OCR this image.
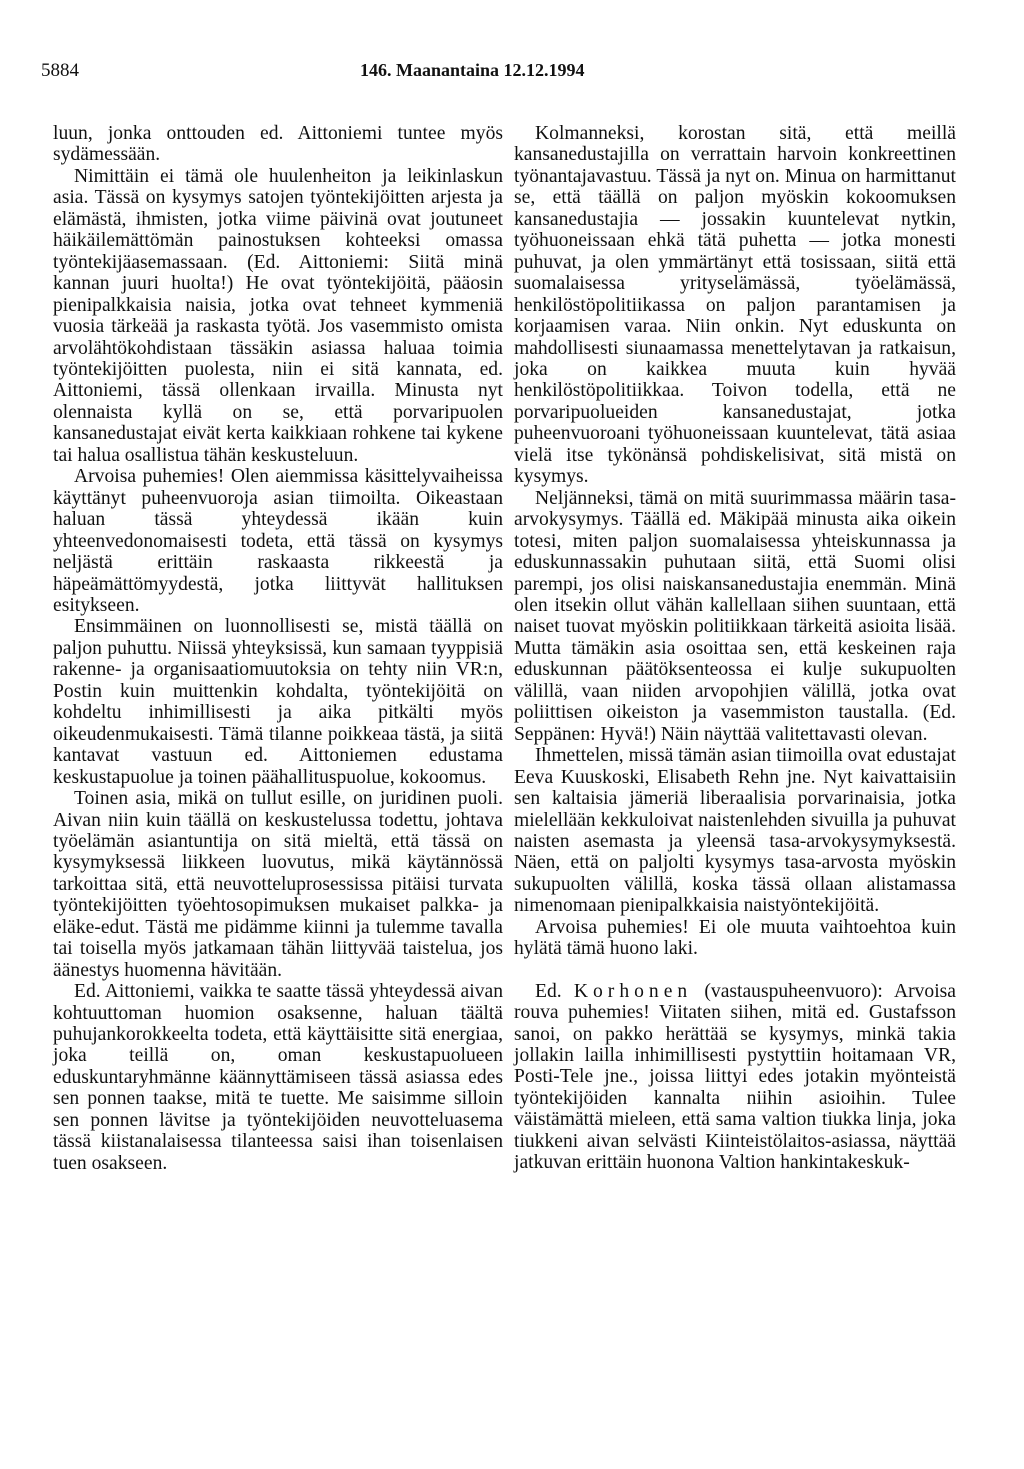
5884	146. Maanantaina 12.12.1994

luun, jonka onttouden ed. Aittoniemi tuntee myös sydämessään.

Nimittäin ei tämä ole huulenheiton ja leikinlaskun asia. Tässä on kysymys satojen työntekijöitten arjesta ja elämästä, ihmisten, jotka viime päivinä ovat joutuneet häikäilemättömän painostuksen kohteeksi omassa työntekijäasemassaan. (Ed. Aittoniemi: Siitä minä kannan juuri huolta!) He ovat työntekijöitä, pääosin pienipalkkaisia naisia, jotka ovat tehneet kymmeniä vuosia tärkeää ja raskasta työtä. Jos vasemmisto omista arvolähtökohdistaan tässäkin asiassa haluaa toimia työntekijöitten puolesta, niin ei sitä kannata, ed. Aittoniemi, tässä ollenkaan irvailla. Minusta nyt olennaista kyllä on se, että porvaripuolen kansanedustajat eivät kerta kaikkiaan rohkene tai kykene tai halua osallistua tähän keskusteluun.

Arvoisa puhemies! Olen aiemmissa käsittelyvaiheissa käyttänyt puheenvuoroja asian tiimoilta. Oikeastaan haluan tässä yhteydessä ikään kuin yhteenvedonomaisesti todeta, että tässä on kysymys neljästä erittäin raskaasta rikkeestä ja häpeämättömyydestä, jotka liittyvät hallituksen esitykseen.

Ensimmäinen on luonnollisesti se, mistä täällä on paljon puhuttu. Niissä yhteyksissä, kun samaan tyyppisiä rakenne- ja organisaatiomuutoksia on tehty niin VR:n, Postin kuin muittenkin kohdalta, työntekijöitä on kohdeltu inhimillisesti ja aika pitkälti myös oikeudenmukaisesti. Tämä tilanne poikkeaa tästä, ja siitä kantavat vastuun ed. Aittoniemen edustama keskustapuolue ja toinen päähallituspuolue, kokoomus.

Toinen asia, mikä on tullut esille, on juridinen puoli. Aivan niin kuin täällä on keskustelussa todettu, johtava työelämän asiantuntija on sitä mieltä, että tässä on kysymyksessä liikkeen luovutus, mikä käytännössä tarkoittaa sitä, että neuvotteluprosessissa pitäisi turvata työntekijöitten työehtosopimuksen mukaiset palkka- ja eläke-edut. Tästä me pidämme kiinni ja tulemme tavalla tai toisella myös jatkamaan tähän liittyvää taistelua, jos äänestys huomenna hävitään.

Ed. Aittoniemi, vaikka te saatte tässä yhteydessä aivan kohtuuttoman huomion osaksenne, haluan täältä puhujankorokkeelta todeta, että käyttäisitte sitä energiaa, joka teillä on, oman keskustapuolueen eduskuntaryhmänne käännyttämiseen tässä asiassa edes sen ponnen taakse, mitä te tuette. Me saisimme silloin sen ponnen lävitse ja työntekijöiden neuvotteluasema tässä kiistanalaisessa tilanteessa saisi ihan toisenlaisen tuen osakseen.

Kolmanneksi, korostan sitä, että meillä kansanedustajilla on verrattain harvoin konkreettinen työnantajavastuu. Tässä ja nyt on. Minua on harmittanut se, että täällä on paljon myöskin kokoomuksen kansanedustajia — jossakin kuuntelevat nytkin, työhuoneissaan ehkä tätä puhetta — jotka monesti puhuvat, ja olen ymmärtänyt että tosissaan, siitä että suomalaisessa yrityselämässä, työelämässä, henkilöstöpolitiikassa on paljon parantamisen ja korjaamisen varaa. Niin onkin. Nyt eduskunta on mahdollisesti siunaamassa menettelytavan ja ratkaisun, joka on kaikkea muuta kuin hyvää henkilöstöpolitiikkaa. Toivon todella, että ne porvaripuolueiden kansanedustajat, jotka puheenvuoroani työhuoneissaan kuuntelevat, tätä asiaa vielä itse tykönänsä pohdiskelisivat, sitä mistä on kysymys.

Neljänneksi, tämä on mitä suurimmassa määrin tasa-arvokysymys. Täällä ed. Mäkipää minusta aika oikein totesi, miten paljon suomalaisessa yhteiskunnassa ja eduskunnassakin puhutaan siitä, että Suomi olisi parempi, jos olisi naiskansanedustajia enemmän. Minä olen itsekin ollut vähän kallellaan siihen suuntaan, että naiset tuovat myöskin politiikkaan tärkeitä asioita lisää. Mutta tämäkin asia osoittaa sen, että keskeinen raja eduskunnan päätöksenteossa ei kulje sukupuolten välillä, vaan niiden arvopohjien välillä, jotka ovat poliittisen oikeiston ja vasemmiston taustalla. (Ed. Seppänen: Hyvä!) Näin näyttää valitettavasti olevan.

Ihmettelen, missä tämän asian tiimoilla ovat edustajat Eeva Kuuskoski, Elisabeth Rehn jne. Nyt kaivattaisiin sen kaltaisia jämeriä liberaalisia porvarinaisia, jotka mielellään kekkuloivat naistenlehden sivuilla ja puhuvat naisten asemasta ja yleensä tasa-arvokysymyksestä. Näen, että on paljolti kysymys tasa-arvosta myöskin sukupuolten välillä, koska tässä ollaan alistamassa nimenomaan pienipalkkaisia naistyöntekijöitä.

Arvoisa puhemies! Ei ole muuta vaihtoehtoa kuin hylätä tämä huono laki.

Ed. Korhonen (vastauspuheenvuoro): Arvoisa rouva puhemies! Viitaten siihen, mitä ed. Gustafsson sanoi, on pakko herättää se kysymys, minkä takia jollakin lailla inhimillisesti pystyttiin hoitamaan VR, Posti-Tele jne., joissa liittyi edes jotakin myönteistä työntekijöiden kannalta niihin asioihin. Tulee väistämättä mieleen, että sama valtion tiukka linja, joka tiukkeni aivan selvästi Kiinteistölaitos-asiassa, näyttää jatkuvan erittäin huonona Valtion hankintakeskuk-
